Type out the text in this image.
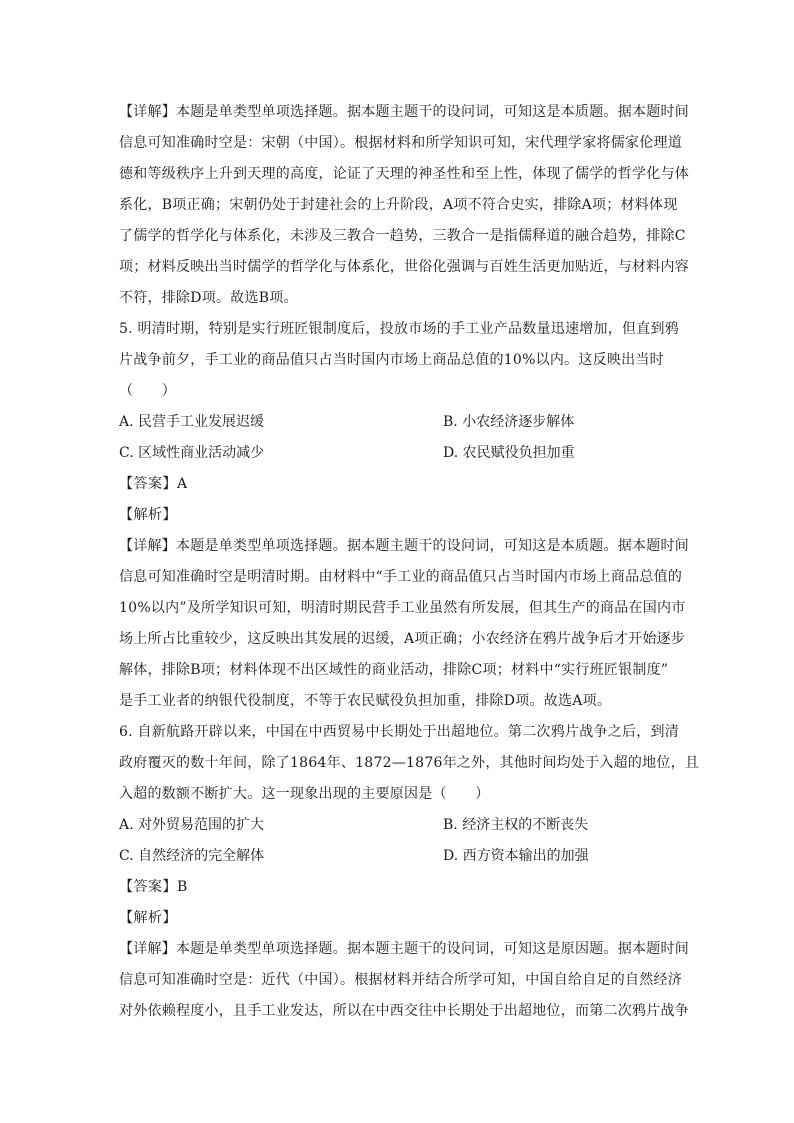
【详解】本题是单类型单项选择题。据本题主题干的设问词，可知这是本质题。据本题时间
信息可知准确时空是：宋朝（中国）。根据材料和所学知识可知，宋代理学家将儒家伦理道
德和等级秩序上升到天理的高度，论证了天理的神圣性和至上性，体现了儒学的哲学化与体
系化，B项正确；宋朝仍处于封建社会的上升阶段，A项不符合史实，排除A项；材料体现
了儒学的哲学化与体系化，未涉及三教合一趋势，三教合一是指儒释道的融合趋势，排除C
项；材料反映出当时儒学的哲学化与体系化，世俗化强调与百姓生活更加贴近，与材料内容
不符，排除D项。故选B项。
5. 明清时期，特别是实行班匠银制度后，投放市场的手工业产品数量迅速增加，但直到鸦
片战争前夕，手工业的商品值只占当时国内市场上商品总值的10%以内。这反映出当时
（　　）
A. 民营手工业发展迟缓	B. 小农经济逐步解体
C. 区域性商业活动减少	D. 农民赋役负担加重
【答案】A
【解析】
【详解】本题是单类型单项选择题。据本题主题干的设问词，可知这是本质题。据本题时间
信息可知准确时空是明清时期。由材料中“手工业的商品值只占当时国内市场上商品总值的
10%以内”及所学知识可知，明清时期民营手工业虽然有所发展，但其生产的商品在国内市
场上所占比重较少，这反映出其发展的迟缓，A项正确；小农经济在鸦片战争后才开始逐步
解体，排除B项；材料体现不出区域性的商业活动，排除C项；材料中“实行班匠银制度”
是手工业者的纳银代役制度，不等于农民赋役负担加重，排除D项。故选A项。
6. 自新航路开辟以来，中国在中西贸易中长期处于出超地位。第二次鸦片战争之后，到清
政府覆灭的数十年间，除了1864年、1872—1876年之外，其他时间均处于入超的地位，且
入超的数额不断扩大。这一现象出现的主要原因是（　　）
A. 对外贸易范围的扩大	B. 经济主权的不断丧失
C. 自然经济的完全解体	D. 西方资本输出的加强
【答案】B
【解析】
【详解】本题是单类型单项选择题。据本题主题干的设问词，可知这是原因题。据本题时间
信息可知准确时空是：近代（中国）。根据材料并结合所学可知，中国自给自足的自然经济
对外依赖程度小，且手工业发达，所以在中西交往中长期处于出超地位，而第二次鸦片战争
